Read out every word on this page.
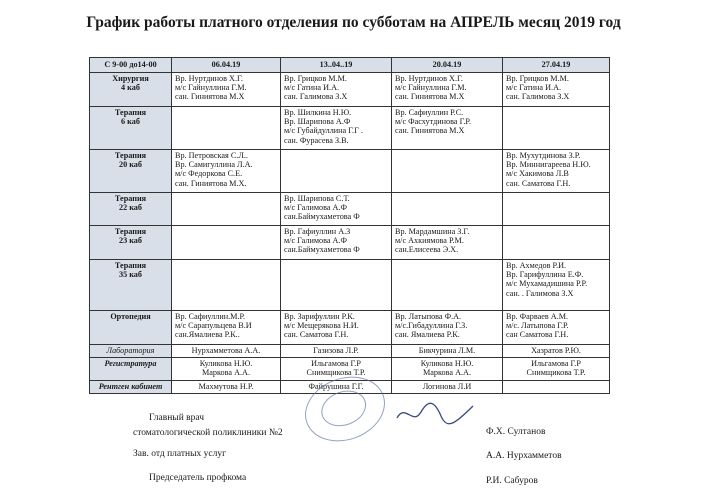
График работы платного отделения по субботам на АПРЕЛЬ месяц 2019 год
С 9-00 до14-00	06.04.19	13..04..19	20.04.19	27.04.19

Хирургия
4 каб	Вр. Нуртдинов Х.Г.
м/с Гайнуллина Г.М.
сан. Гиниятова М.Х	Вр. Грицков М.М.
м/с Гатина И.А.
сан. Галимова З.Х	Вр. Нуртдинов Х.Г.
м/с Гайнуллина Г.М.
сан. Гиниятова М.Х	Вр. Грицков М.М.
м/с Гатина И.А.
сан. Галимова З.Х

Терапия
6 каб		Вр. Шилкина Н.Ю.
Вр. Шарипова А.Ф
м/с Губайдуллина Г.Г .
сан. Фурасева З.В.	Вр. Сафиуллин Р.С.
м/с Фасхутдинова Г.Р.
сан. Гиниятова М.Х	

Терапия
20 каб	Вр. Петровская С.Л..
Вр. Самигуллина Л.А.
м/с Федоркова С.Е.
сан. Гиниятова М.Х.			Вр. Мухутдинова З.Р.
Вр. Миннигареева Н.Ю.
м/с Хакимова Л.В
сан. Саматова Г.Н.

Терапия
22 каб		Вр. Шарипова С.Т.
м/с Галимова А.Ф
сан.Баймухаметова Ф		

Терапия
23 каб		Вр. Гафиуллин А.З
м/с Галимова А.Ф
сан.Баймухаметова Ф	Вр. Мардамшина З.Г.
м/с Ахкиямова Р.М.
сан.Елисеева Э.Х.	

Терапия
35 каб				Вр. Ахмедов Р.И.
Вр. Гарифуллина Е.Ф.
м/с Мухамадишина Р.Р.
сан. . Галимова З.Х

Ортопедия	Вр. Сафиуллин.М.Р.
м/с Сарапульцева В.И
сан.Ямалиева Р.К..	Вр. Зарифуллин Р.К.
м/с Мещерякова Н.И.
сан. Саматова Г.Н.	Вр. Латыпова Ф.А.
м/с.Гибадуллина Г.З.
сан. Ямалиева Р.К.	Вр. Фарваев А.М.
м/с. Латыпова Г.Р.
сан Саматова Г.Н.

Лаборатория	Нурхамметова А.А.	Газизова Л.Р.	Бикчурина Л.М.	Хазратов Р.Ю.

Регистратура	Куликова Н.Ю.
Маркова А.А.	Ильгамова Г.Р
Снимщикова Т.Р.	Куликова Н.Ю.
Маркова А.А.	Ильгамова Г.Р
Снимщикова Т.Р.

Рентген кабинет	Махмутова Н.Р.	Файрушина Г.Г.	Логинова Л.И	

Главный врач
стоматологической поликлиники №2	Ф.Х. Султанов
Зав. отд платных услуг	А.А. Нурхамметов
Председатель профкома	Р.И. Сабуров
